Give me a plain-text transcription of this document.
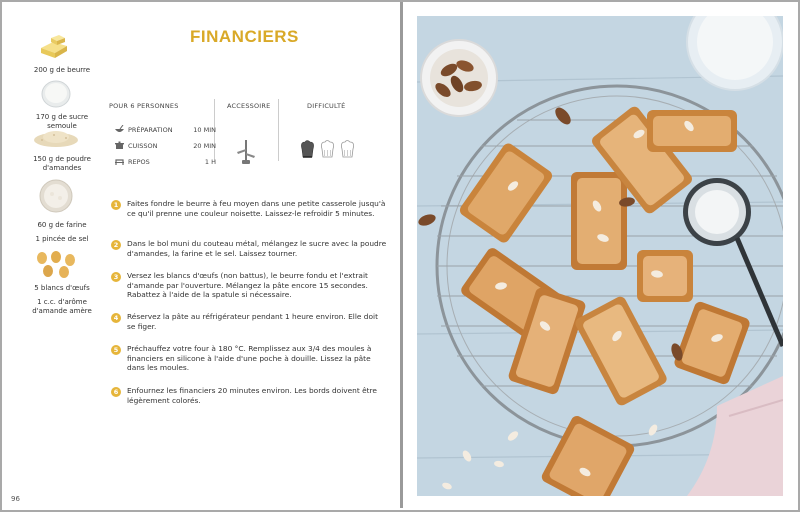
FINANCIERS
200 g de beurre
170 g de sucre semoule
150 g de poudre d'amandes
60 g de farine
1 pincée de sel
5 blancs d'œufs
1 c.c. d'arôme d'amande amère
POUR 6 PERSONNES	ACCESSOIRE	DIFFICULTÉ
PRÉPARATION	10 MIN
CUISSON	20 MIN
REPOS	1 H
1	Faites fondre le beurre à feu moyen dans une petite casserole jusqu'à ce qu'il prenne une couleur noisette. Laissez-le refroidir 5 minutes.
2	Dans le bol muni du couteau métal, mélangez le sucre avec la poudre d'amandes, la farine et le sel. Laissez tourner.
3	Versez les blancs d'œufs (non battus), le beurre fondu et l'extrait d'amande par l'ouverture. Mélangez la pâte encore 15 secondes. Rabattez à l'aide de la spatule si nécessaire.
4	Réservez la pâte au réfrigérateur pendant 1 heure environ. Elle doit se figer.
5	Préchauffez votre four à 180 °C. Remplissez aux 3/4 des moules à financiers en silicone à l'aide d'une poche à douille. Lissez la pâte dans les moules.
6	Enfournez les financiers 20 minutes environ. Les bords doivent être légèrement colorés.
96
